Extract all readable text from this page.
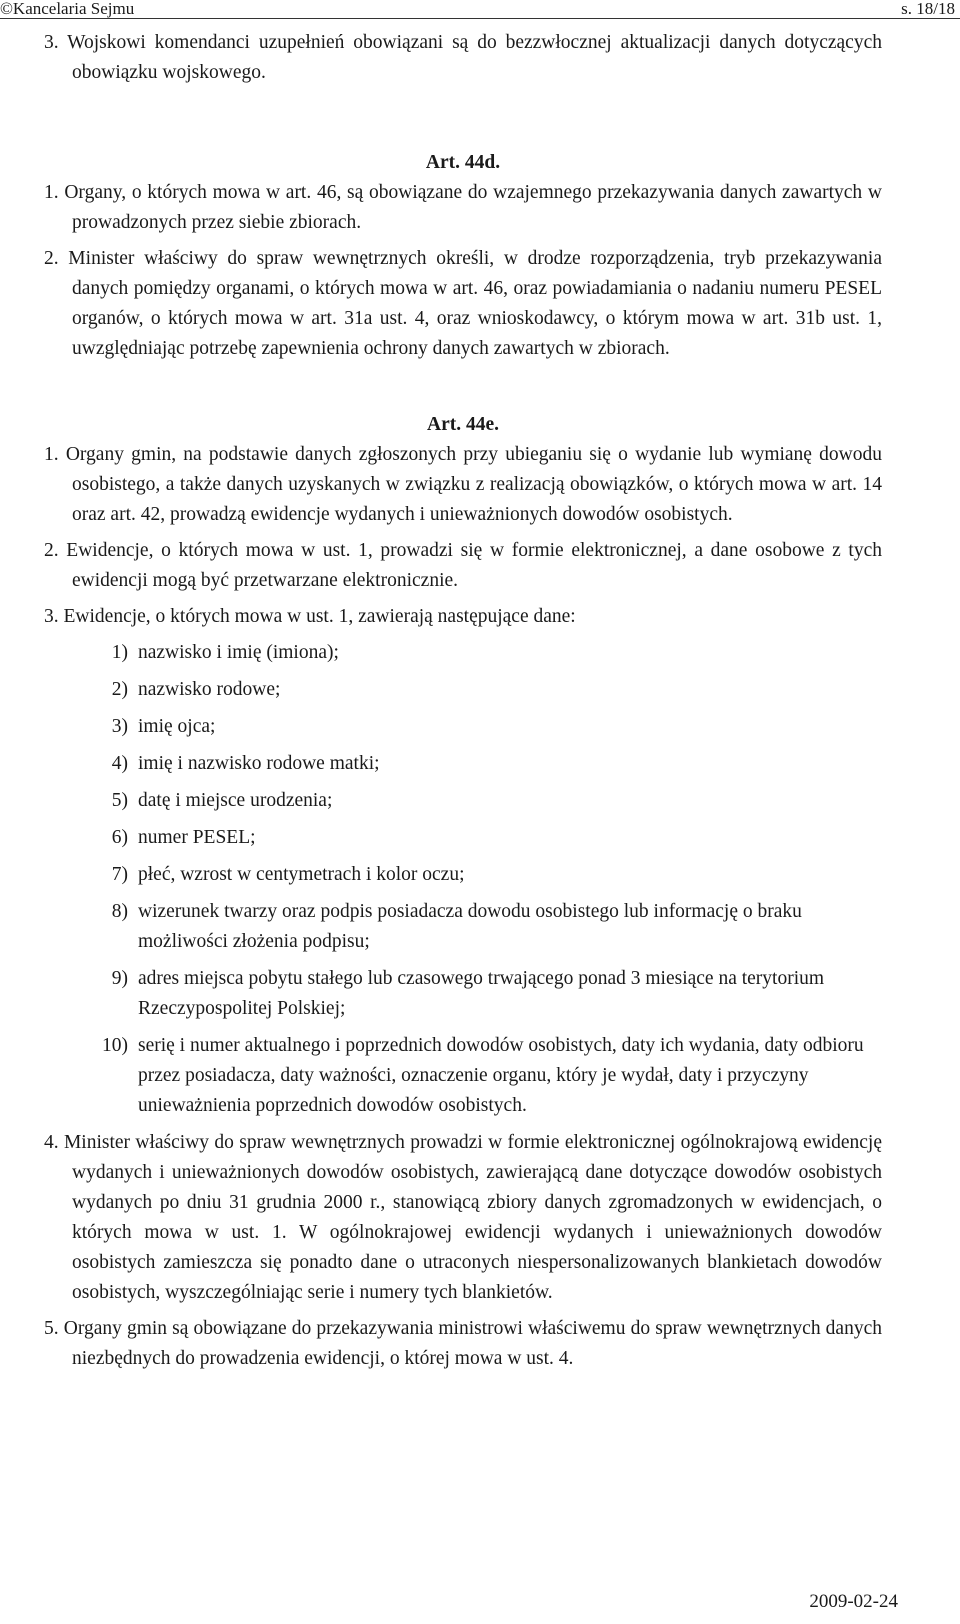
©Kancelaria Sejmu	s. 18/18

3. Wojskowi komendanci uzupełnień obowiązani są do bezzwłocznej aktualizacji danych dotyczących obowiązku wojskowego.

Art. 44d.

1. Organy, o których mowa w art. 46, są obowiązane do wzajemnego przekazywania danych zawartych w prowadzonych przez siebie zbiorach.

2. Minister właściwy do spraw wewnętrznych określi, w drodze rozporządzenia, tryb przekazywania danych pomiędzy organami, o których mowa w art. 46, oraz powiadamiania o nadaniu numeru PESEL organów, o których mowa w art. 31a ust. 4, oraz wnioskodawcy, o którym mowa w art. 31b ust. 1, uwzględniając potrzebę zapewnienia ochrony danych zawartych w zbiorach.

Art. 44e.

1. Organy gmin, na podstawie danych zgłoszonych przy ubieganiu się o wydanie lub wymianę dowodu osobistego, a także danych uzyskanych w związku z realizacją obowiązków, o których mowa w art. 14 oraz art. 42, prowadzą ewidencje wydanych i unieważnionych dowodów osobistych.

2. Ewidencje, o których mowa w ust. 1, prowadzi się w formie elektronicznej, a dane osobowe z tych ewidencji mogą być przetwarzane elektronicznie.

3. Ewidencje, o których mowa w ust. 1, zawierają następujące dane:

1) nazwisko i imię (imiona);
2) nazwisko rodowe;
3) imię ojca;
4) imię i nazwisko rodowe matki;
5) datę i miejsce urodzenia;
6) numer PESEL;
7) płeć, wzrost w centymetrach i kolor oczu;
8) wizerunek twarzy oraz podpis posiadacza dowodu osobistego lub informację o braku możliwości złożenia podpisu;
9) adres miejsca pobytu stałego lub czasowego trwającego ponad 3 miesiące na terytorium Rzeczypospolitej Polskiej;
10) serię i numer aktualnego i poprzednich dowodów osobistych, daty ich wydania, daty odbioru przez posiadacza, daty ważności, oznaczenie organu, który je wydał, daty i przyczyny unieważnienia poprzednich dowodów osobistych.

4. Minister właściwy do spraw wewnętrznych prowadzi w formie elektronicznej ogólnokrajową ewidencję wydanych i unieważnionych dowodów osobistych, zawierającą dane dotyczące dowodów osobistych wydanych po dniu 31 grudnia 2000 r., stanowiącą zbiory danych zgromadzonych w ewidencjach, o których mowa w ust. 1. W ogólnokrajowej ewidencji wydanych i unieważnionych dowodów osobistych zamieszcza się ponadto dane o utraconych niespersonalizowanych blankietach dowodów osobistych, wyszczególniając serie i numery tych blankietów.

5. Organy gmin są obowiązane do przekazywania ministrowi właściwemu do spraw wewnętrznych danych niezbędnych do prowadzenia ewidencji, o której mowa w ust. 4.

2009-02-24
